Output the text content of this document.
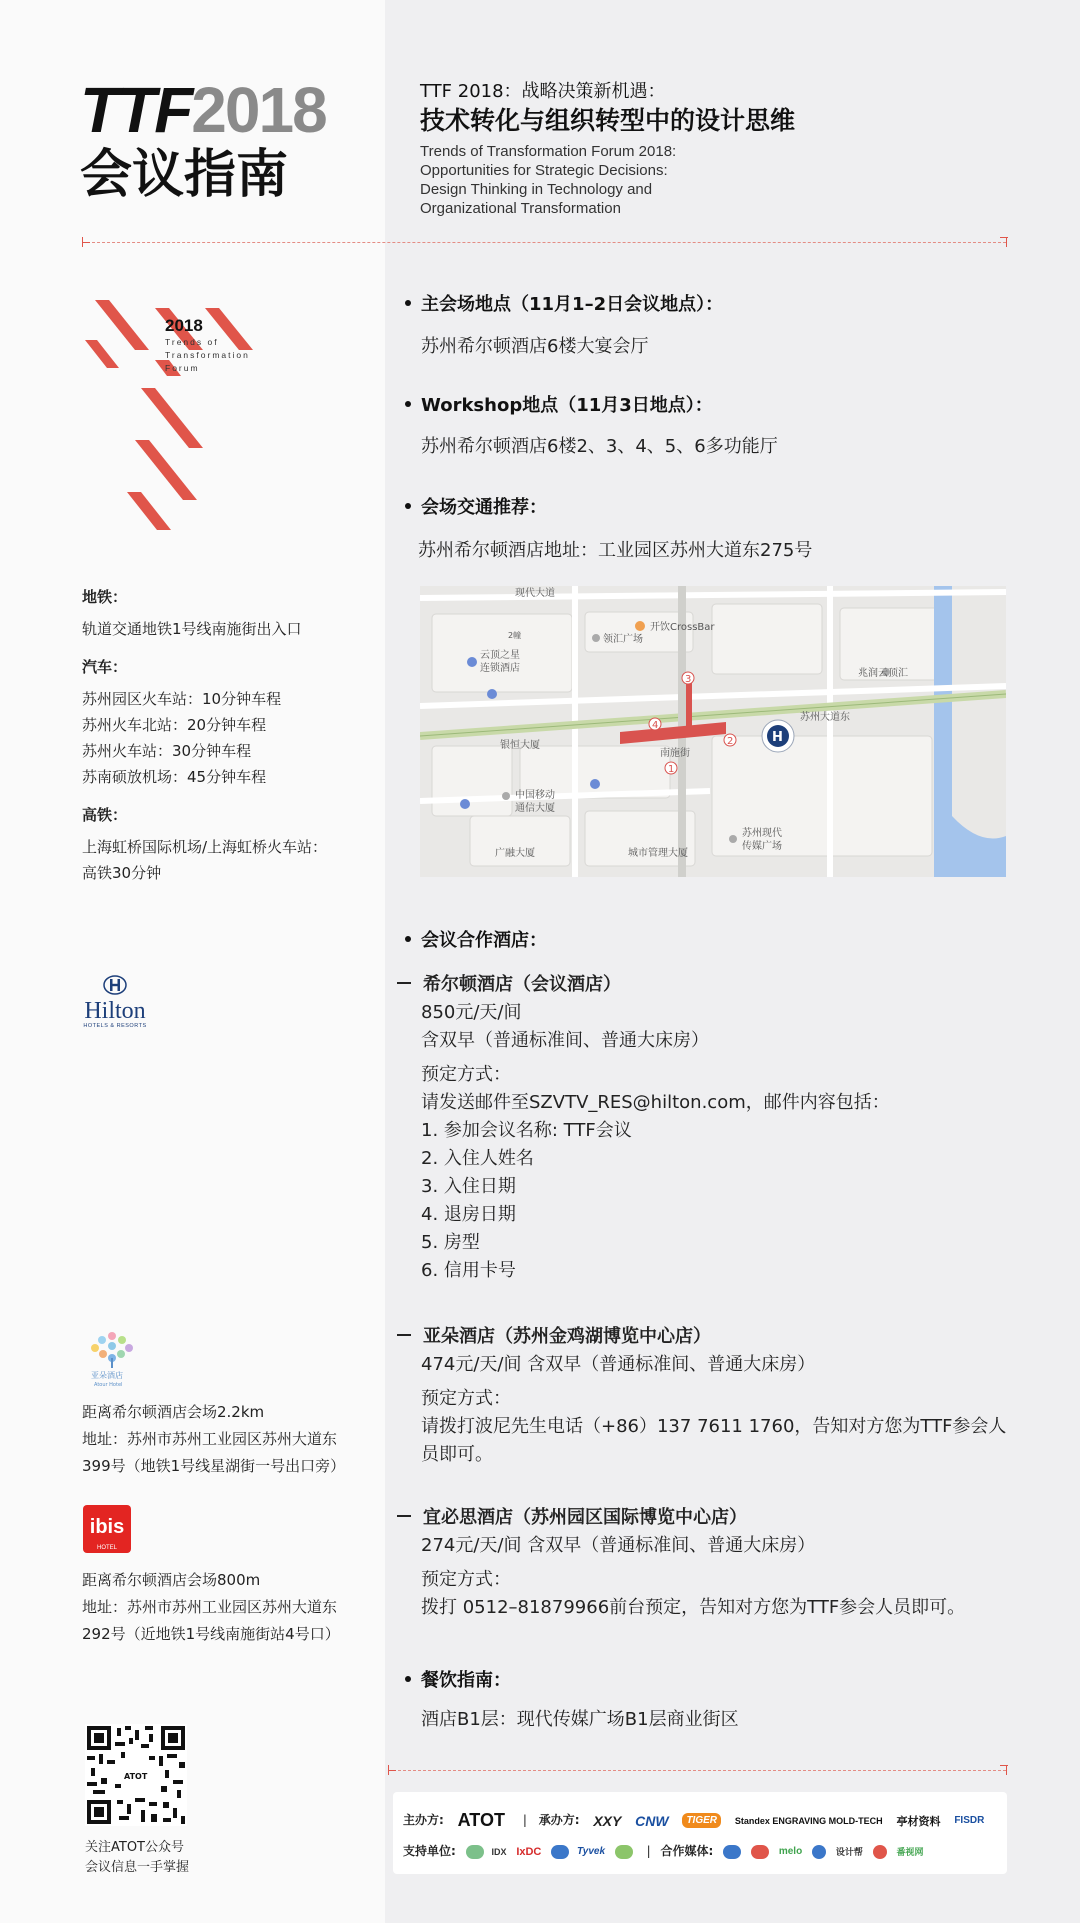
TTF2018
会议指南
TTF 2018：战略决策新机遇：
技术转化与组织转型中的设计思维
Trends of Transformation Forum 2018:
Opportunities for Strategic Decisions:
Design Thinking in Technology and
Organizational Transformation
2018
Trends of
Transformation
Forum
地铁：
轨道交通地铁1号线南施街出入口
汽车：
苏州园区火车站：10分钟车程
苏州火车北站：20分钟车程
苏州火车站：30分钟车程
苏南硕放机场：45分钟车程
高铁：
上海虹桥国际机场/上海虹桥火车站：
高铁30分钟
主会场地点（11月1–2日会议地点）：
苏州希尔顿酒店6楼大宴会厅
Workshop地点（11月3日地点）：
苏州希尔顿酒店6楼2、3、4、5、6多功能厅
会场交通推荐：
苏州希尔顿酒店地址：工业园区苏州大道东275号
1
2
3
4
H
现代大道
云顶之星
连锁酒店
领汇广场
开饮CrossBar
兆润云顶汇
苏州大道东
南施街
银恒大厦
中国移动
通信大厦
广融大厦	城市管理大厦
苏州现代
传媒广场
2幢
会议合作酒店：
Hilton
HOTELS & RESORTS
希尔顿酒店（会议酒店）
850元/天/间
含双早（普通标准间、普通大床房）
预定方式：
请发送邮件至SZVTV_RES@hilton.com，邮件内容包括：
1. 参加会议名称: TTF会议
2. 入住人姓名
3. 入住日期
4. 退房日期
5. 房型
6. 信用卡号
亚朵酒店
Atour Hotel
距离希尔顿酒店会场2.2km
地址：苏州市苏州工业园区苏州大道东
399号（地铁1号线星湖街一号出口旁）
亚朵酒店（苏州金鸡湖博览中心店）
474元/天/间 含双早（普通标准间、普通大床房）
预定方式：
请拨打波尼先生电话（+86）137 7611 1760，告知对方您为TTF参会人
员即可。
ibis
HOTEL
距离希尔顿酒店会场800m
地址：苏州市苏州工业园区苏州大道东
292号（近地铁1号线南施街站4号口）
宜必思酒店（苏州园区国际博览中心店）
274元/天/间 含双早（普通标准间、普通大床房）
预定方式：
拨打 0512–81879966前台预定，告知对方您为TTF参会人员即可。
餐饮指南：
酒店B1层：现代传媒广场B1层商业街区
主办方: ATOT | 承办方: XXY CNW TIGER Standex ENGRAVING MOLD-TECH 亭材资料 FISDR
支持单位:	IDX IxDC	Tyvek	| 合作媒体:	melo	设计帮	番视网
ATOT
关注ATOT公众号
会议信息一手掌握
